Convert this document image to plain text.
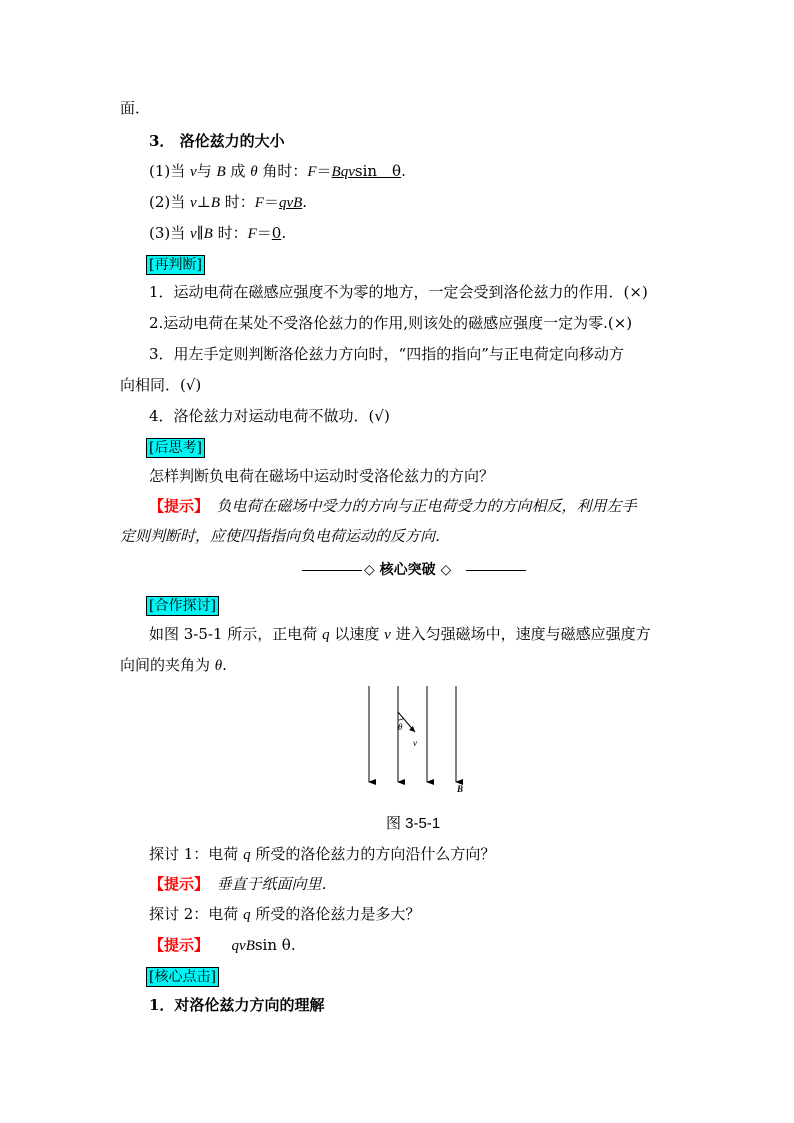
面．
3． 洛伦兹力的大小
(1)当 v与 B 成 θ 角时：F＝Bqvsin　θ.
(2)当 v⊥B 时：F＝qvB.
(3)当 v∥B 时：F＝0.
[再判断]
1．运动电荷在磁感应强度不为零的地方，一定会受到洛伦兹力的作用．(×)
2.运动电荷在某处不受洛伦兹力的作用,则该处的磁感应强度一定为零.(×)
3．用左手定则判断洛伦兹力方向时，“四指的指向”与正电荷定向移动方
向相同．(√)
4．洛伦兹力对运动电荷不做功．(√)
[后思考]
怎样判断负电荷在磁场中运动时受洛伦兹力的方向？
【提示】　负电荷在磁场中受力的方向与正电荷受力的方向相反，利用左手
定则判断时，应使四指指向负电荷运动的反方向．
◇ 核心突破 ◇
[合作探讨]
如图 3-5-1 所示，正电荷 q 以速度 v 进入匀强磁场中，速度与磁感应强度方
向间的夹角为 θ.
θ
v
B
图 3-5-1
探讨 1：电荷 q 所受的洛伦兹力的方向沿什么方向？
【提示】　垂直于纸面向里．
探讨 2：电荷 q 所受的洛伦兹力是多大？
【提示】　　 qvBsin θ.
[核心点击]
1．对洛伦兹力方向的理解
